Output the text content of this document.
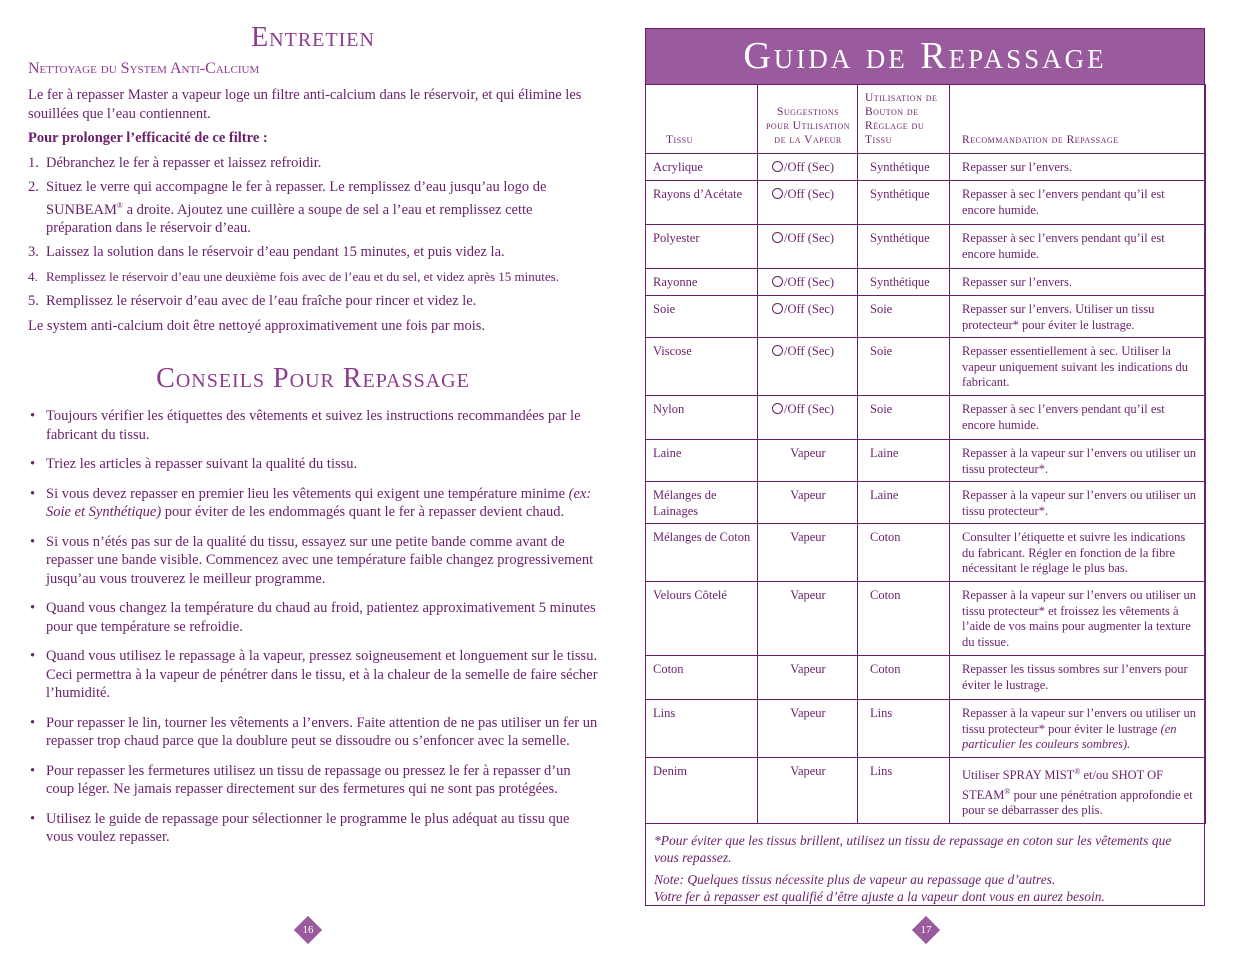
Entretien
Nettoyage du System Anti-Calcium

Le fer à repasser Master a vapeur loge un filtre anti-calcium dans le réservoir, et qui élimine les souillées que l’eau contiennent.

Pour prolonger l’efficacité de ce filtre :

1. Débranchez le fer à repasser et laissez refroidir.
2. Situez le verre qui accompagne le fer à repasser. Le remplissez d’eau jusqu’au logo de SUNBEAM® a droite. Ajoutez une cuillère a soupe de sel a l’eau et remplissez cette préparation dans le réservoir d’eau.
3. Laissez la solution dans le réservoir d’eau pendant 15 minutes, et puis videz la.
4. Remplissez le réservoir d’eau une deuxième fois avec de l’eau et du sel, et videz après 15 minutes.
5. Remplissez le réservoir d’eau avec de l’eau fraîche pour rincer et videz le.

Le system anti-calcium doit être nettoyé approximativement une fois par mois.

Conseils Pour Repassage
• Toujours vérifier les étiquettes des vêtements et suivez les instructions recommandées par le fabricant du tissu.
• Triez les articles à repasser suivant la qualité du tissu.
• Si vous devez repasser en premier lieu les vêtements qui exigent une température minime (ex: Soie et Synthétique) pour éviter de les endommagés quant le fer à repasser devient chaud.
• Si vous n’étés pas sur de la qualité du tissu, essayez sur une petite bande comme avant de repasser une bande visible. Commencez avec une température faible changez progressivement jusqu’au vous trouverez le meilleur programme.
• Quand vous changez la température du chaud au froid, patientez approximativement 5 minutes pour que température se refroidie.
• Quand vous utilisez le repassage à la vapeur, pressez soigneusement et longuement sur le tissu. Ceci permettra à la vapeur de pénétrer dans le tissu, et à la chaleur de la semelle de faire sécher l’humidité.
• Pour repasser le lin, tourner les vêtements a l’envers. Faite attention de ne pas utiliser un fer un repasser trop chaud parce que la doublure peut se dissoudre ou s’enfoncer avec la semelle.
• Pour repasser les fermetures utilisez un tissu de repassage ou pressez le fer à repasser d’un coup léger. Ne jamais repasser directement sur des fermetures qui ne sont pas protégées.
• Utilisez le guide de repassage pour sélectionner le programme le plus adéquat au tissu que vous voulez repasser.
16
Guida de Repassage
Tissu	Suggestions pour Utilisation de la Vapeur	Utilisation de Bouton de Réglage du Tissu	Recommandation de Repassage
Acrylique	/Off (Sec)	Synthétique	Repasser sur l’envers.
Rayons d’Acétate	/Off (Sec)	Synthétique	Repasser à sec l’envers pendant qu’il est encore humide.
Polyester	/Off (Sec)	Synthétique	Repasser à sec l’envers pendant qu’il est encore humide.
Rayonne	/Off (Sec)	Synthétique	Repasser sur l’envers.
Soie	/Off (Sec)	Soie	Repasser sur l’envers. Utiliser un tissu protecteur* pour éviter le lustrage.
Viscose	/Off (Sec)	Soie	Repasser essentiellement à sec. Utiliser la vapeur uniquement suivant les indications du fabricant.
Nylon	/Off (Sec)	Soie	Repasser à sec l’envers pendant qu’il est encore humide.
Laine	Vapeur	Laine	Repasser à la vapeur sur l’envers ou utiliser un tissu protecteur*.
Mélanges de Lainages	Vapeur	Laine	Repasser à la vapeur sur l’envers ou utiliser un tissu protecteur*.
Mélanges de Coton	Vapeur	Coton	Consulter l’étiquette et suivre les indications du fabricant. Régler en fonction de la fibre nécessitant le réglage le plus bas.
Velours Côtelé	Vapeur	Coton	Repasser à la vapeur sur l’envers ou utiliser un tissu protecteur* et froissez les vêtements à l’aide de vos mains pour augmenter la texture du tissue.
Coton	Vapeur	Coton	Repasser les tissus sombres sur l’envers pour éviter le lustrage.
Lins	Vapeur	Lins	Repasser à la vapeur sur l’envers ou utiliser un tissu protecteur* pour éviter le lustrage (en particulier les couleurs sombres).
Denim	Vapeur	Lins	Utiliser SPRAY MIST® et/ou SHOT OF STEAM® pour une pénétration approfondie et pour se débarrasser des plis.

*Pour éviter que les tissus brillent, utilisez un tissu de repassage en coton sur les vêtements que vous repassez.

Note: Quelques tissus nécessite plus de vapeur au repassage que d’autres.

Votre fer à repasser est qualifié d’être ajuste a la vapeur dont vous en aurez besoin.

17
